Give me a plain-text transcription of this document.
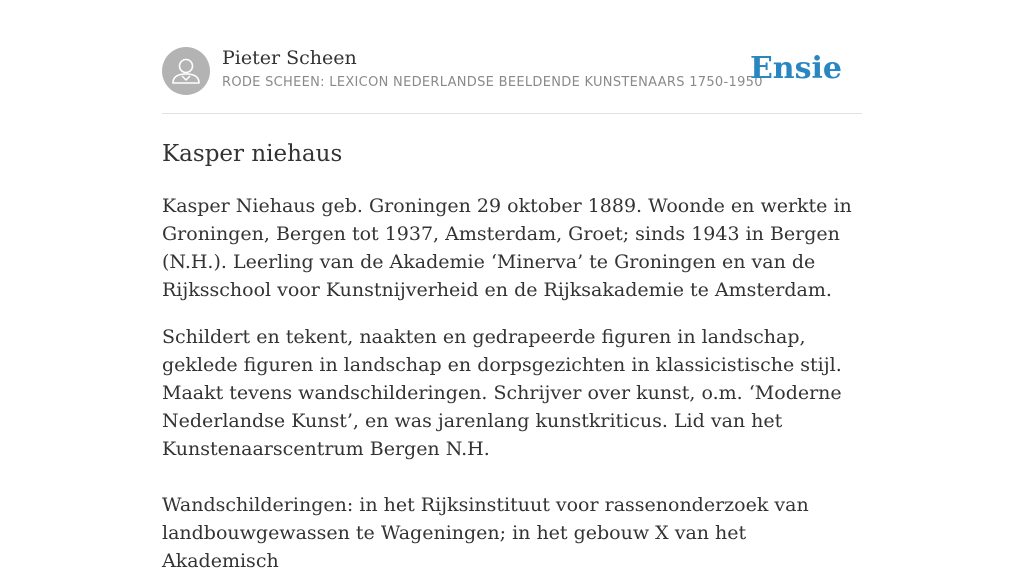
Pieter Scheen
RODE SCHEEN: LEXICON NEDERLANDSE BEELDENDE KUNSTENAARS 1750-1950
Ensie
Kasper niehaus

Kasper Niehaus geb. Groningen 29 oktober 1889. Woonde en werkte in Groningen, Bergen tot 1937, Amsterdam, Groet; sinds 1943 in Bergen (N.H.). Leerling van de Akademie ‘Minerva’ te Groningen en van de Rijksschool voor Kunstnijverheid en de Rijksakademie te Amsterdam.

Schildert en tekent, naakten en gedrapeerde figuren in landschap, geklede figuren in landschap en dorpsgezichten in klassicistische stijl. Maakt tevens wandschilderingen. Schrijver over kunst, o.m. ‘Moderne Nederlandse Kunst’, en was jarenlang kunstkriticus. Lid van het Kunstenaarscentrum Bergen N.H.

Wandschilderingen: in het Rijksinstituut voor rassenonderzoek van landbouwgewassen te Wageningen; in het gebouw X van het Akademisch
